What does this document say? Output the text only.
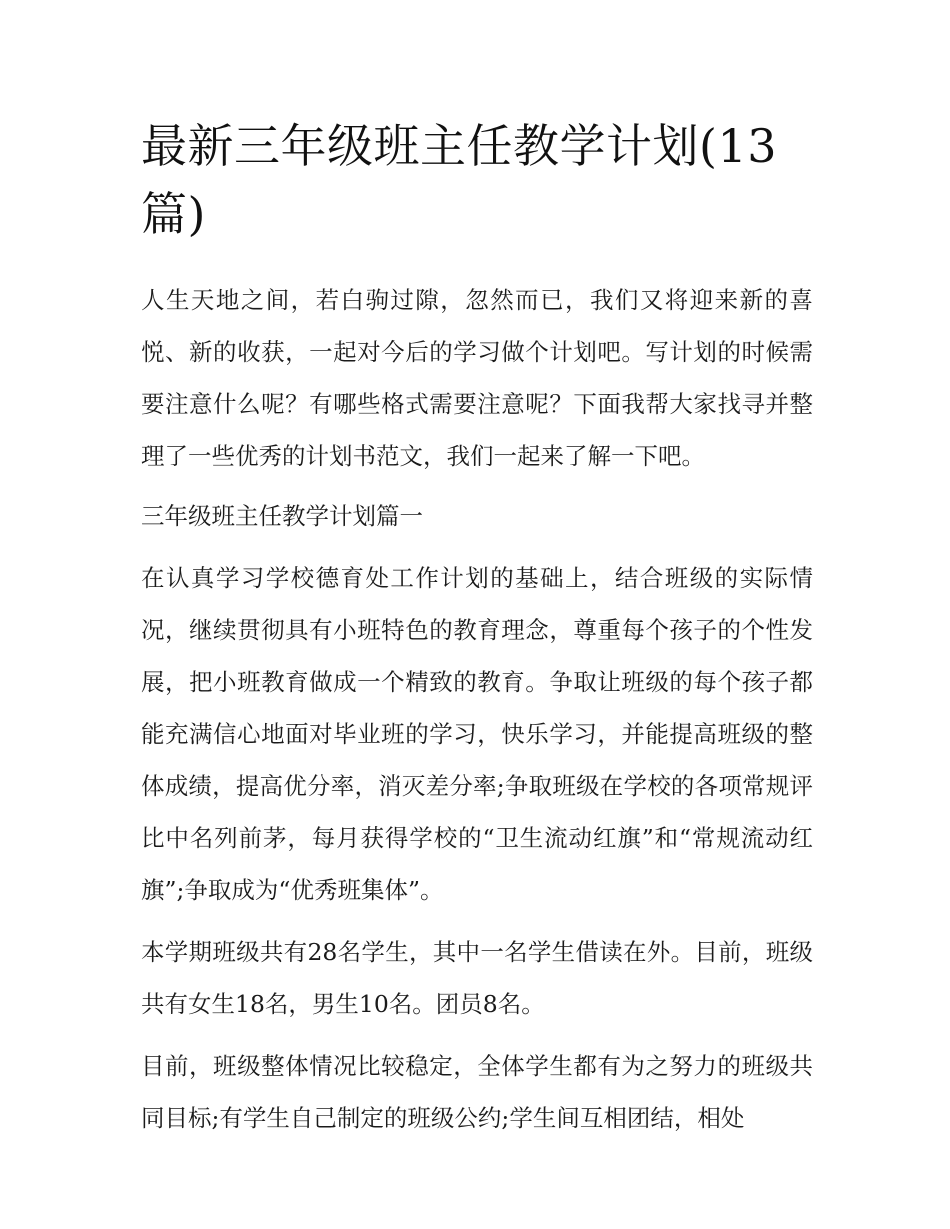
最新三年级班主任教学计划(13篇)

人生天地之间，若白驹过隙，忽然而已，我们又将迎来新的喜悦、新的收获，一起对今后的学习做个计划吧。写计划的时候需要注意什么呢？有哪些格式需要注意呢？下面我帮大家找寻并整理了一些优秀的计划书范文，我们一起来了解一下吧。

三年级班主任教学计划篇一

在认真学习学校德育处工作计划的基础上，结合班级的实际情况，继续贯彻具有小班特色的教育理念，尊重每个孩子的个性发展，把小班教育做成一个精致的教育。争取让班级的每个孩子都能充满信心地面对毕业班的学习，快乐学习，并能提高班级的整体成绩，提高优分率，消灭差分率;争取班级在学校的各项常规评比中名列前茅，每月获得学校的“卫生流动红旗”和“常规流动红旗”;争取成为“优秀班集体”。

本学期班级共有28名学生，其中一名学生借读在外。目前，班级共有女生18名，男生10名。团员8名。

目前，班级整体情况比较稳定，全体学生都有为之努力的班级共同目标;有学生自己制定的班级公约;学生间互相团结，相处
